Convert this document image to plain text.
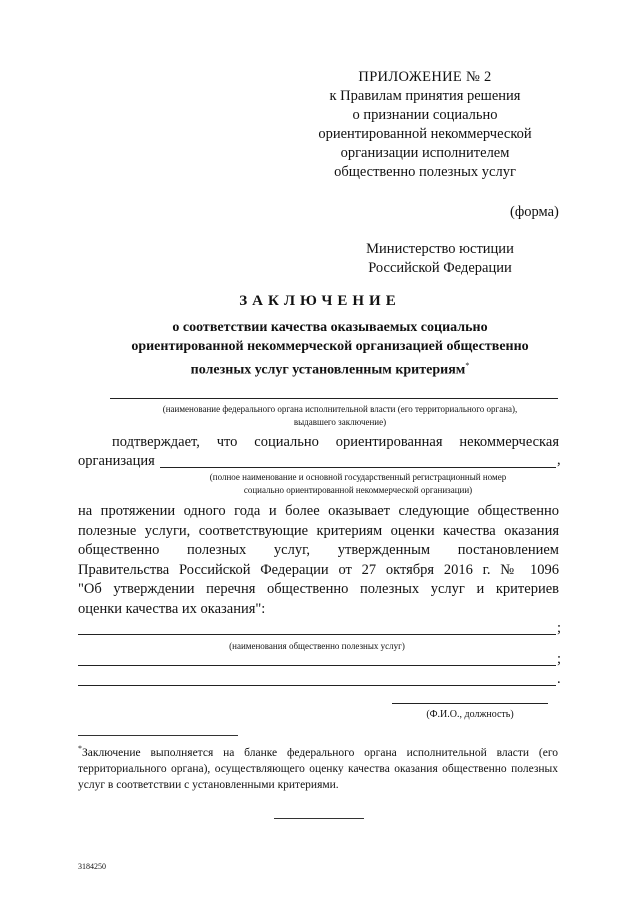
ПРИЛОЖЕНИЕ № 2
к Правилам принятия решения
о признании социально
ориентированной некоммерческой
организации исполнителем
общественно полезных услуг
(форма)
Министерство юстиции
Российской Федерации
ЗАКЛЮЧЕНИЕ
о соответствии качества оказываемых социально
ориентированной некоммерческой организацией общественно
полезных услуг установленным критериям*
(наименование федерального органа исполнительной власти (его территориального органа),
выдавшего заключение)
подтверждает, что социально ориентированная некоммерческая
организация	,
(полное наименование и основной государственный регистрационный номер
социально ориентированной некоммерческой организации)
на протяжении одного года и более оказывает следующие общественно
полезные услуги, соответствующие критериям оценки качества оказания
общественно полезных услуг, утвержденным постановлением
Правительства Российской Федерации от 27 октября 2016 г. № 1096
"Об утверждении перечня общественно полезных услуг и критериев
оценки качества их оказания":
;
(наименования общественно полезных услуг)
;
.
(Ф.И.О., должность)
*Заключение выполняется на бланке федерального органа исполнительной власти (его территориального органа), осуществляющего оценку качества оказания общественно полезных услуг в соответствии с установленными критериями.
3184250
